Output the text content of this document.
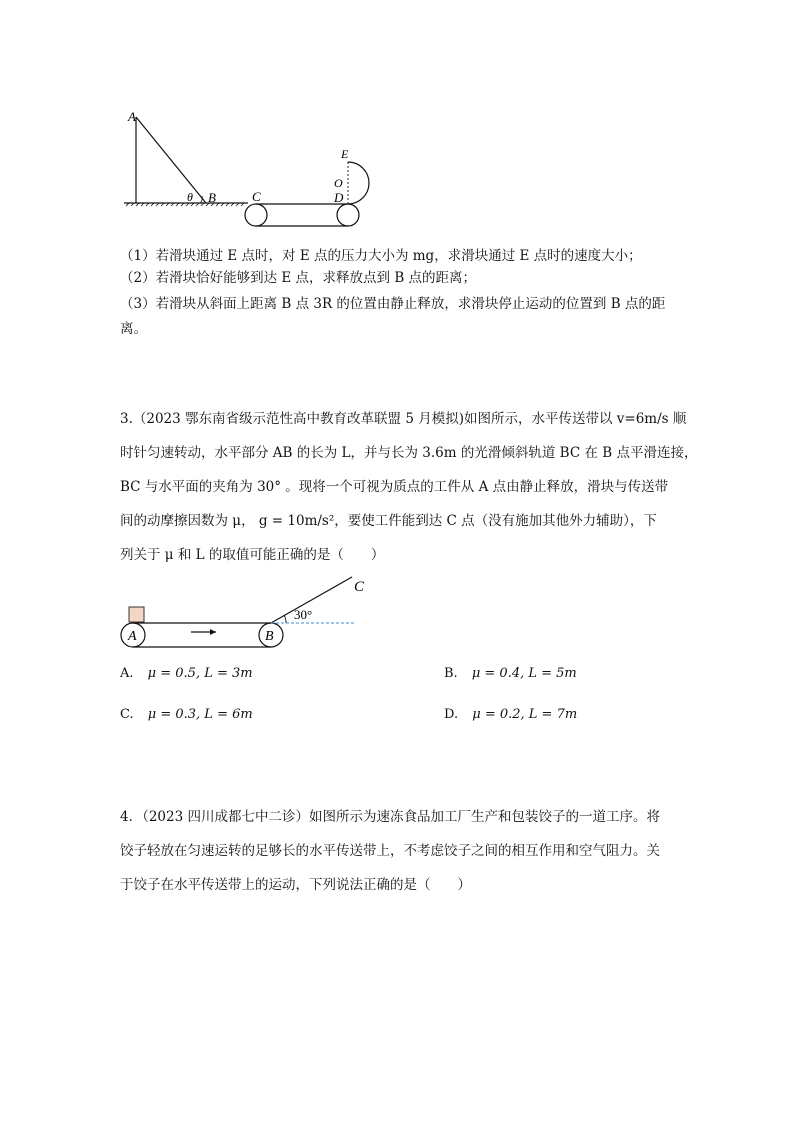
A
θ B	C	D
O
E
（1）若滑块通过 E 点时，对 E 点的压力大小为 mg，求滑块通过 E 点时的速度大小；
（2）若滑块恰好能够到达 E 点，求释放点到 B 点的距离；
（3）若滑块从斜面上距离 B 点 3R 的位置由静止释放，求滑块停止运动的位置到 B 点的距
离。
3.（2023 鄂东南省级示范性高中教育改革联盟 5 月模拟)如图所示，水平传送带以 v=6m/s 顺
时针匀速转动，水平部分 AB 的长为 L，并与长为 3.6m 的光滑倾斜轨道 BC 在 B 点平滑连接，
BC 与水平面的夹角为 30° 。现将一个可视为质点的工件从 A 点由静止释放，滑块与传送带
间的动摩擦因数为 μ， g = 10m/s²，要使工件能到达 C 点（没有施加其他外力辅助），下
列关于 μ 和 L 的取值可能正确的是（　　）
A	B
C
30°
A. μ = 0.5, L = 3m	B. μ = 0.4, L = 5m
C. μ = 0.3, L = 6m	D. μ = 0.2, L = 7m
4．（2023 四川成都七中二诊）如图所示为速冻食品加工厂生产和包装饺子的一道工序。将
饺子轻放在匀速运转的足够长的水平传送带上，不考虑饺子之间的相互作用和空气阻力。关
于饺子在水平传送带上的运动，下列说法正确的是（　　）
